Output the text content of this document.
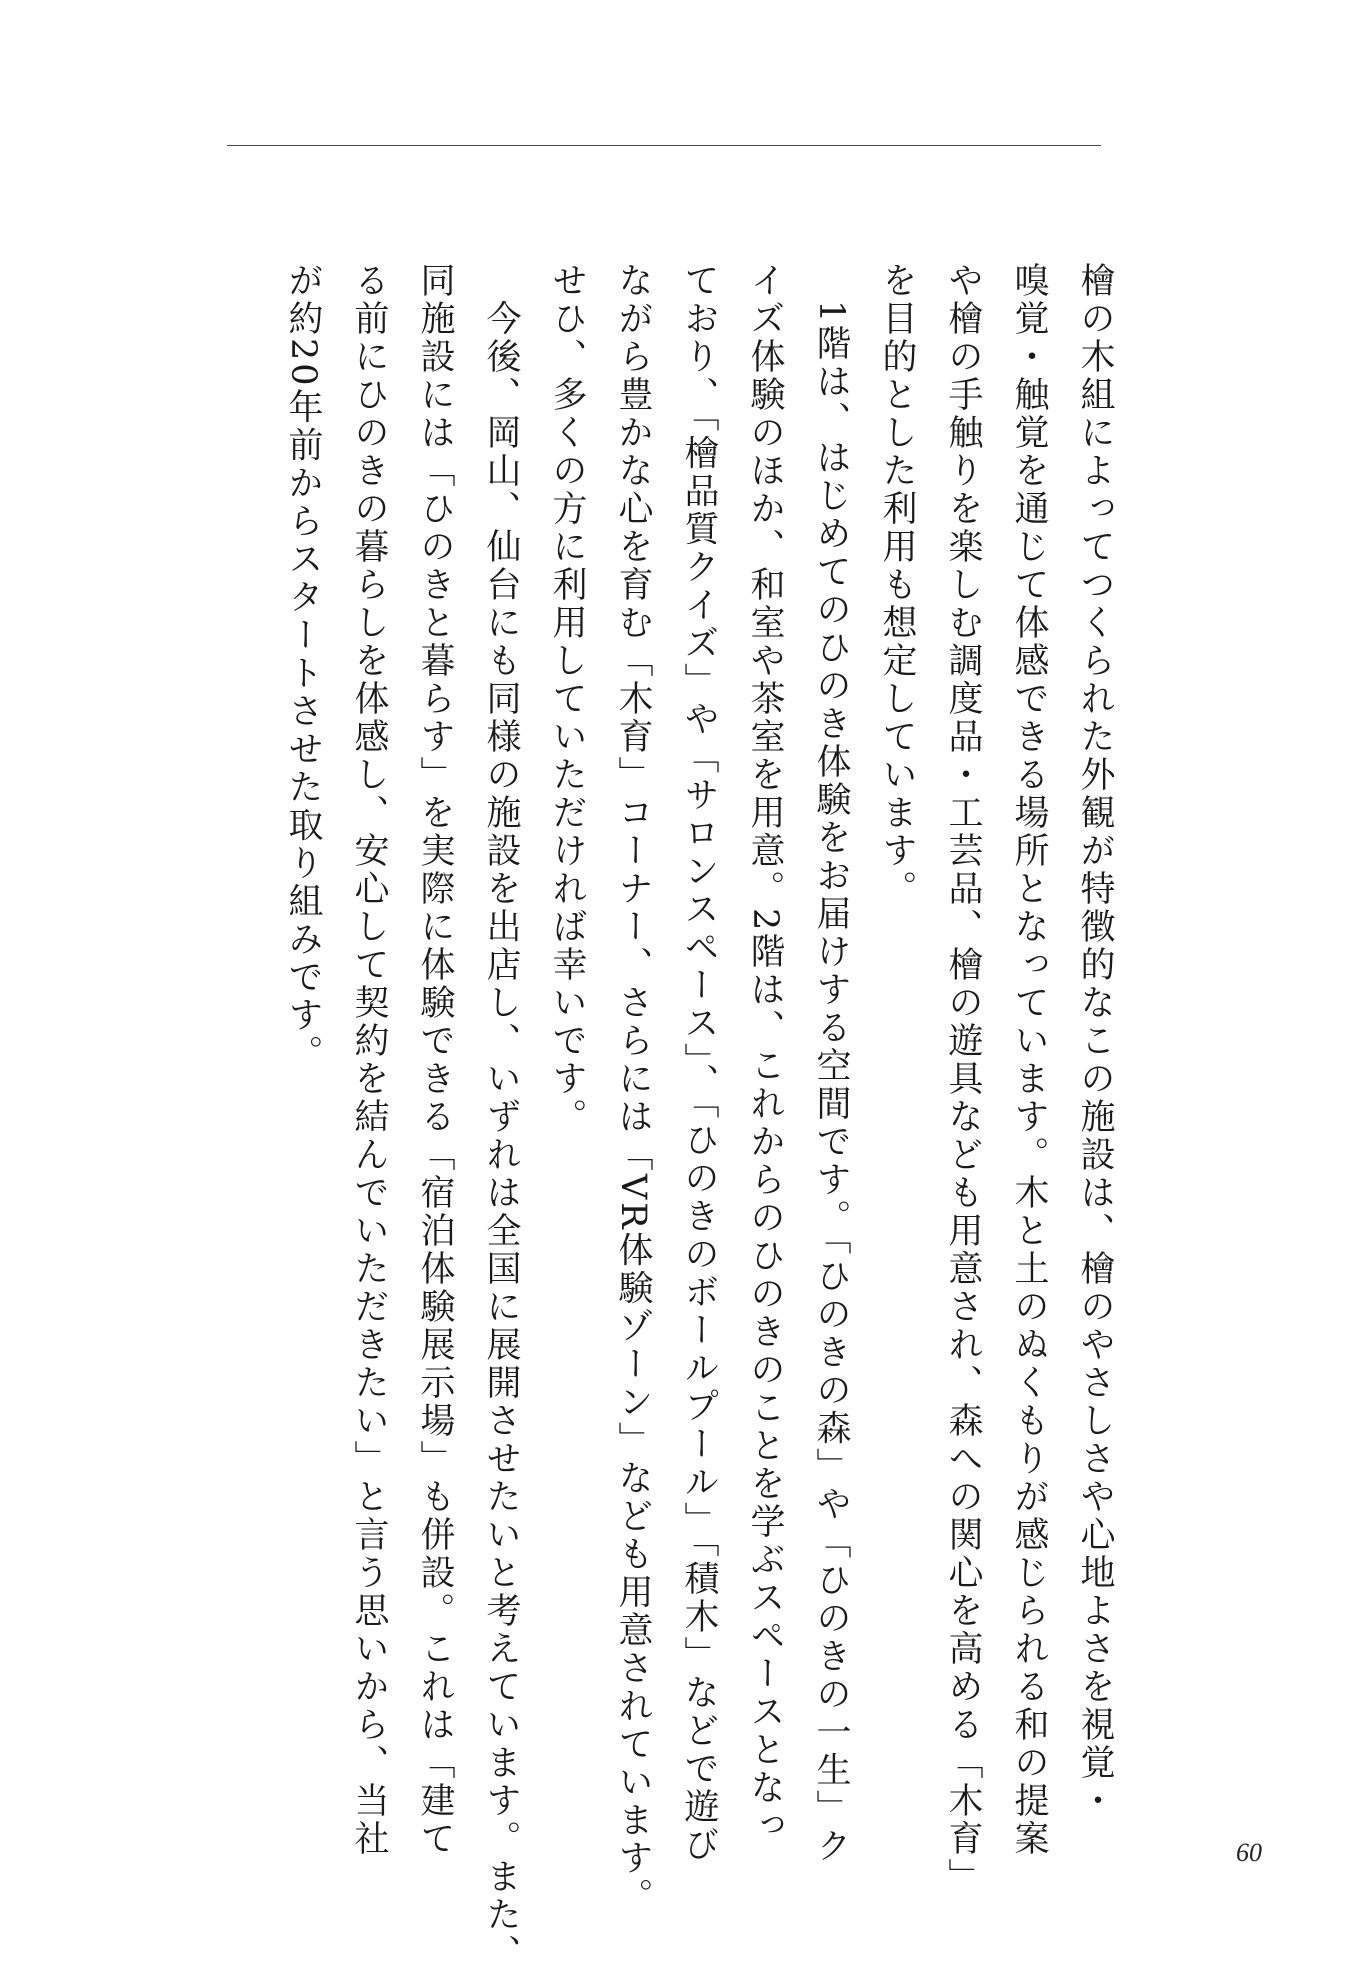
檜の木組によってつくられた外観が特徴的なこの施設は、檜のやさしさや心地よさを視覚・
嗅覚・触覚を通じて体感できる場所となっています。木と土のぬくもりが感じられる和の提案
や檜の手触りを楽しむ調度品・工芸品、檜の遊具なども用意され、森への関心を高める「木育」
を目的とした利用も想定しています。
　1階は、はじめてのひのき体験をお届けする空間です。「ひのきの森」や「ひのきの一生」ク
イズ体験のほか、和室や茶室を用意。2階は、これからのひのきのことを学ぶスペースとなっ
ており、「檜品質クイズ」や「サロンスペース」、「ひのきのボールプール」「積木」などで遊び
ながら豊かな心を育む「木育」コーナー、さらには「VR体験ゾーン」なども用意されています。
せひ、多くの方に利用していただければ幸いです。
　今後、岡山、仙台にも同様の施設を出店し、いずれは全国に展開させたいと考えています。また、
同施設には「ひのきと暮らす」を実際に体験できる「宿泊体験展示場」も併設。これは「建て
る前にひのきの暮らしを体感し、安心して契約を結んでいただきたい」と言う思いから、当社
が約20年前からスタートさせた取り組みです。
60
